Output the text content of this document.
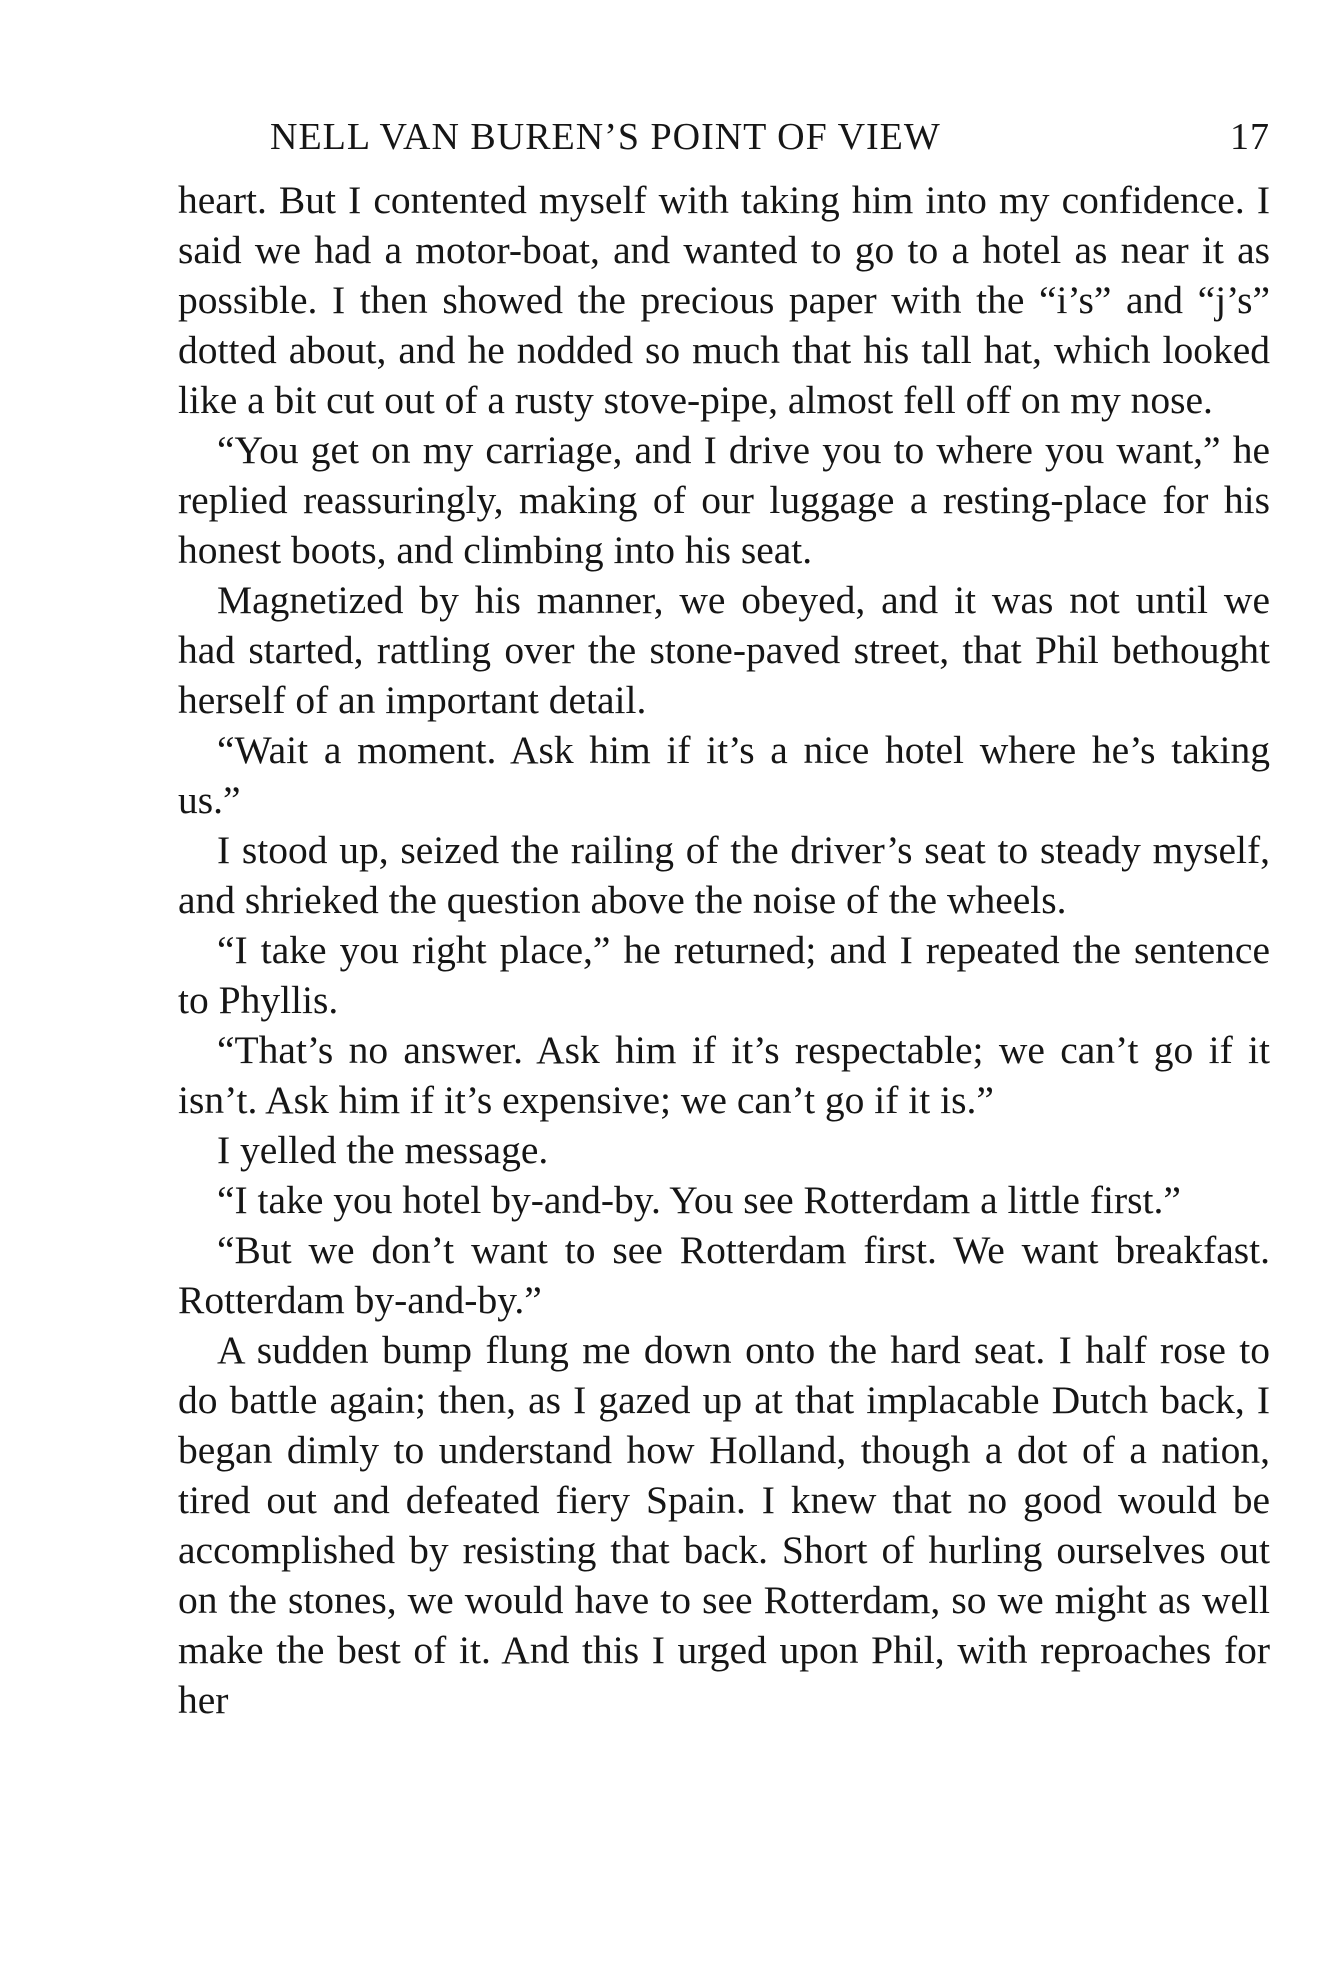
NELL VAN BUREN’S POINT OF VIEW	17

heart. But I contented myself with taking him into my confidence. I said we had a motor-boat, and wanted to go to a hotel as near it as possible. I then showed the precious paper with the “i’s” and “j’s” dotted about, and he nodded so much that his tall hat, which looked like a bit cut out of a rusty stove-pipe, almost fell off on my nose.

“You get on my carriage, and I drive you to where you want,” he replied reassuringly, making of our luggage a resting-place for his honest boots, and climbing into his seat.

Magnetized by his manner, we obeyed, and it was not until we had started, rattling over the stone-paved street, that Phil bethought herself of an important detail.

“Wait a moment. Ask him if it’s a nice hotel where he’s taking us.”

I stood up, seized the railing of the driver’s seat to steady myself, and shrieked the question above the noise of the wheels.

“I take you right place,” he returned; and I repeated the sentence to Phyllis.

“That’s no answer. Ask him if it’s respectable; we can’t go if it isn’t. Ask him if it’s expensive; we can’t go if it is.”

I yelled the message.

“I take you hotel by-and-by. You see Rotterdam a little first.”

“But we don’t want to see Rotterdam first. We want breakfast. Rotterdam by-and-by.”

A sudden bump flung me down onto the hard seat. I half rose to do battle again; then, as I gazed up at that implacable Dutch back, I began dimly to understand how Holland, though a dot of a nation, tired out and defeated fiery Spain. I knew that no good would be accomplished by resisting that back. Short of hurling ourselves out on the stones, we would have to see Rotterdam, so we might as well make the best of it. And this I urged upon Phil, with reproaches for her
